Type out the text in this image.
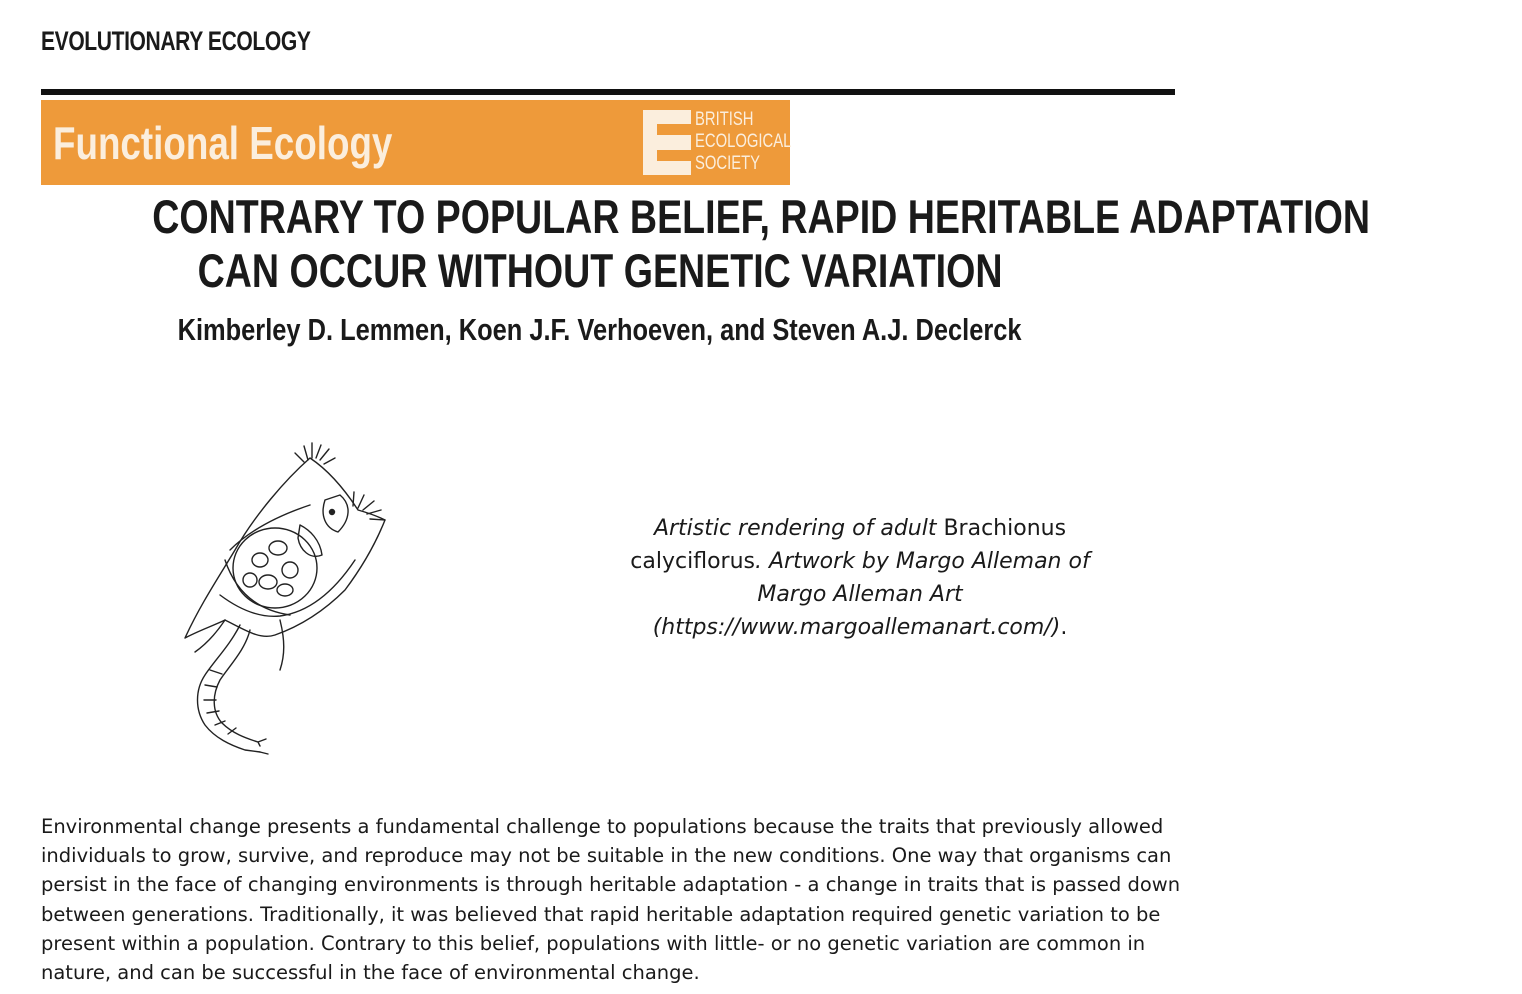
EVOLUTIONARY ECOLOGY
Functional Ecology	BRITISH
ECOLOGICAL
SOCIETY
CONTRARY TO POPULAR BELIEF, RAPID HERITABLE ADAPTATION
CAN OCCUR WITHOUT GENETIC VARIATION
Kimberley D. Lemmen, Koen J.F. Verhoeven, and Steven A.J. Declerck
Artistic rendering of adult Brachionus calyciflorus. Artwork by Margo Alleman of Margo Alleman Art (https://www.margoallemanart.com/).
Environmental change presents a fundamental challenge to populations because the traits that previously allowed individuals to grow, survive, and reproduce may not be suitable in the new conditions. One way that organisms can persist in the face of changing environments is through heritable adaptation - a change in traits that is passed down between generations. Traditionally, it was believed that rapid heritable adaptation required genetic variation to be present within a population. Contrary to this belief, populations with little- or no genetic variation are common in nature, and can be successful in the face of environmental change.
